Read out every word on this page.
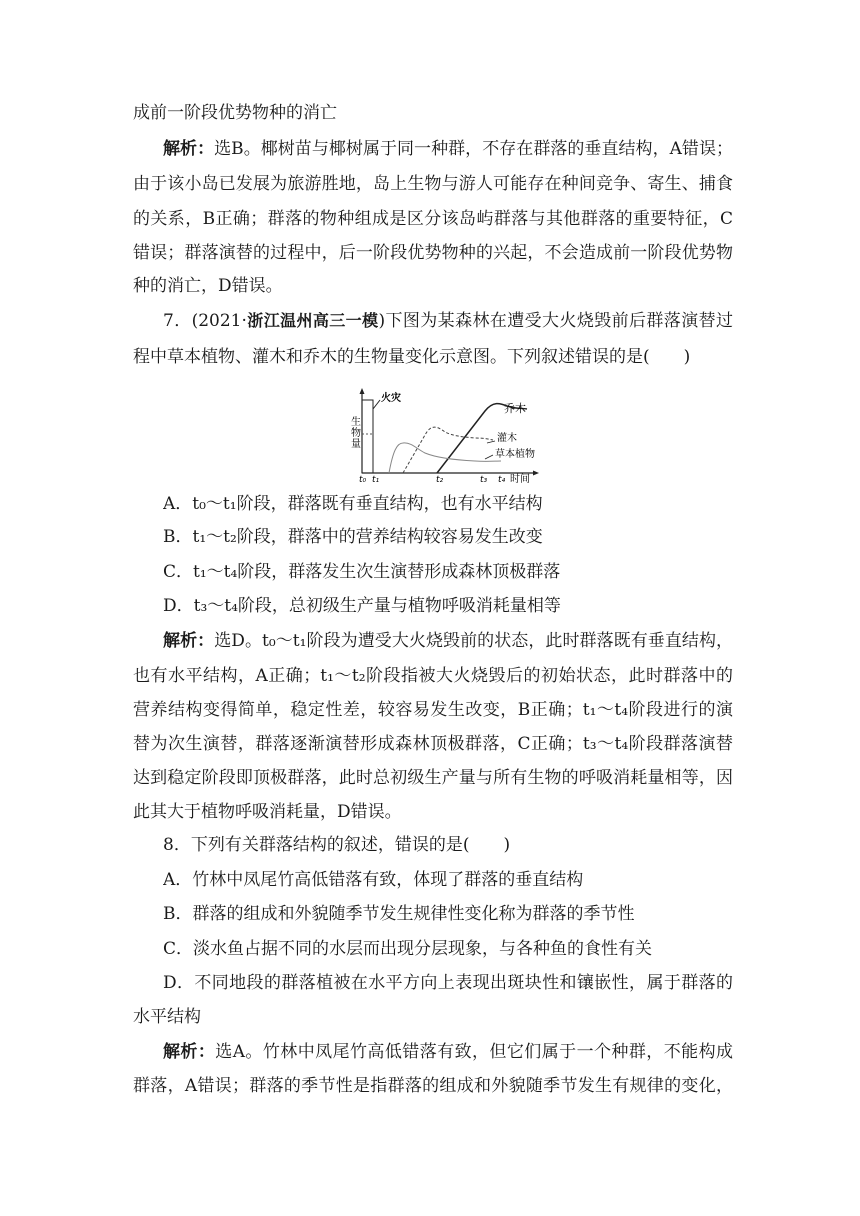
成前一阶段优势物种的消亡
解析：选B。椰树苗与椰树属于同一种群，不存在群落的垂直结构，A错误；
由于该小岛已发展为旅游胜地，岛上生物与游人可能存在种间竞争、寄生、捕食
的关系，B正确；群落的物种组成是区分该岛屿群落与其他群落的重要特征，C
错误；群落演替的过程中，后一阶段优势物种的兴起，不会造成前一阶段优势物
种的消亡，D错误。
7．(2021·浙江温州高三一模)下图为某森林在遭受大火烧毁前后群落演替过
程中草本植物、灌木和乔木的生物量变化示意图。下列叙述错误的是(　　)
生物量
火灾
乔木
灌木
草本植物
t₀ t₁	t₂	t₃ t₄ 时间
A．t₀～t₁阶段，群落既有垂直结构，也有水平结构
B．t₁～t₂阶段，群落中的营养结构较容易发生改变
C．t₁～t₄阶段，群落发生次生演替形成森林顶极群落
D．t₃～t₄阶段，总初级生产量与植物呼吸消耗量相等
解析：选D。t₀～t₁阶段为遭受大火烧毁前的状态，此时群落既有垂直结构，
也有水平结构，A正确；t₁～t₂阶段指被大火烧毁后的初始状态，此时群落中的
营养结构变得简单，稳定性差，较容易发生改变，B正确；t₁～t₄阶段进行的演
替为次生演替，群落逐渐演替形成森林顶极群落，C正确；t₃～t₄阶段群落演替
达到稳定阶段即顶极群落，此时总初级生产量与所有生物的呼吸消耗量相等，因
此其大于植物呼吸消耗量，D错误。
8．下列有关群落结构的叙述，错误的是(　　)
A．竹林中凤尾竹高低错落有致，体现了群落的垂直结构
B．群落的组成和外貌随季节发生规律性变化称为群落的季节性
C．淡水鱼占据不同的水层而出现分层现象，与各种鱼的食性有关
D．不同地段的群落植被在水平方向上表现出斑块性和镶嵌性，属于群落的
水平结构
解析：选A。竹林中凤尾竹高低错落有致，但它们属于一个种群，不能构成
群落，A错误；群落的季节性是指群落的组成和外貌随季节发生有规律的变化，
